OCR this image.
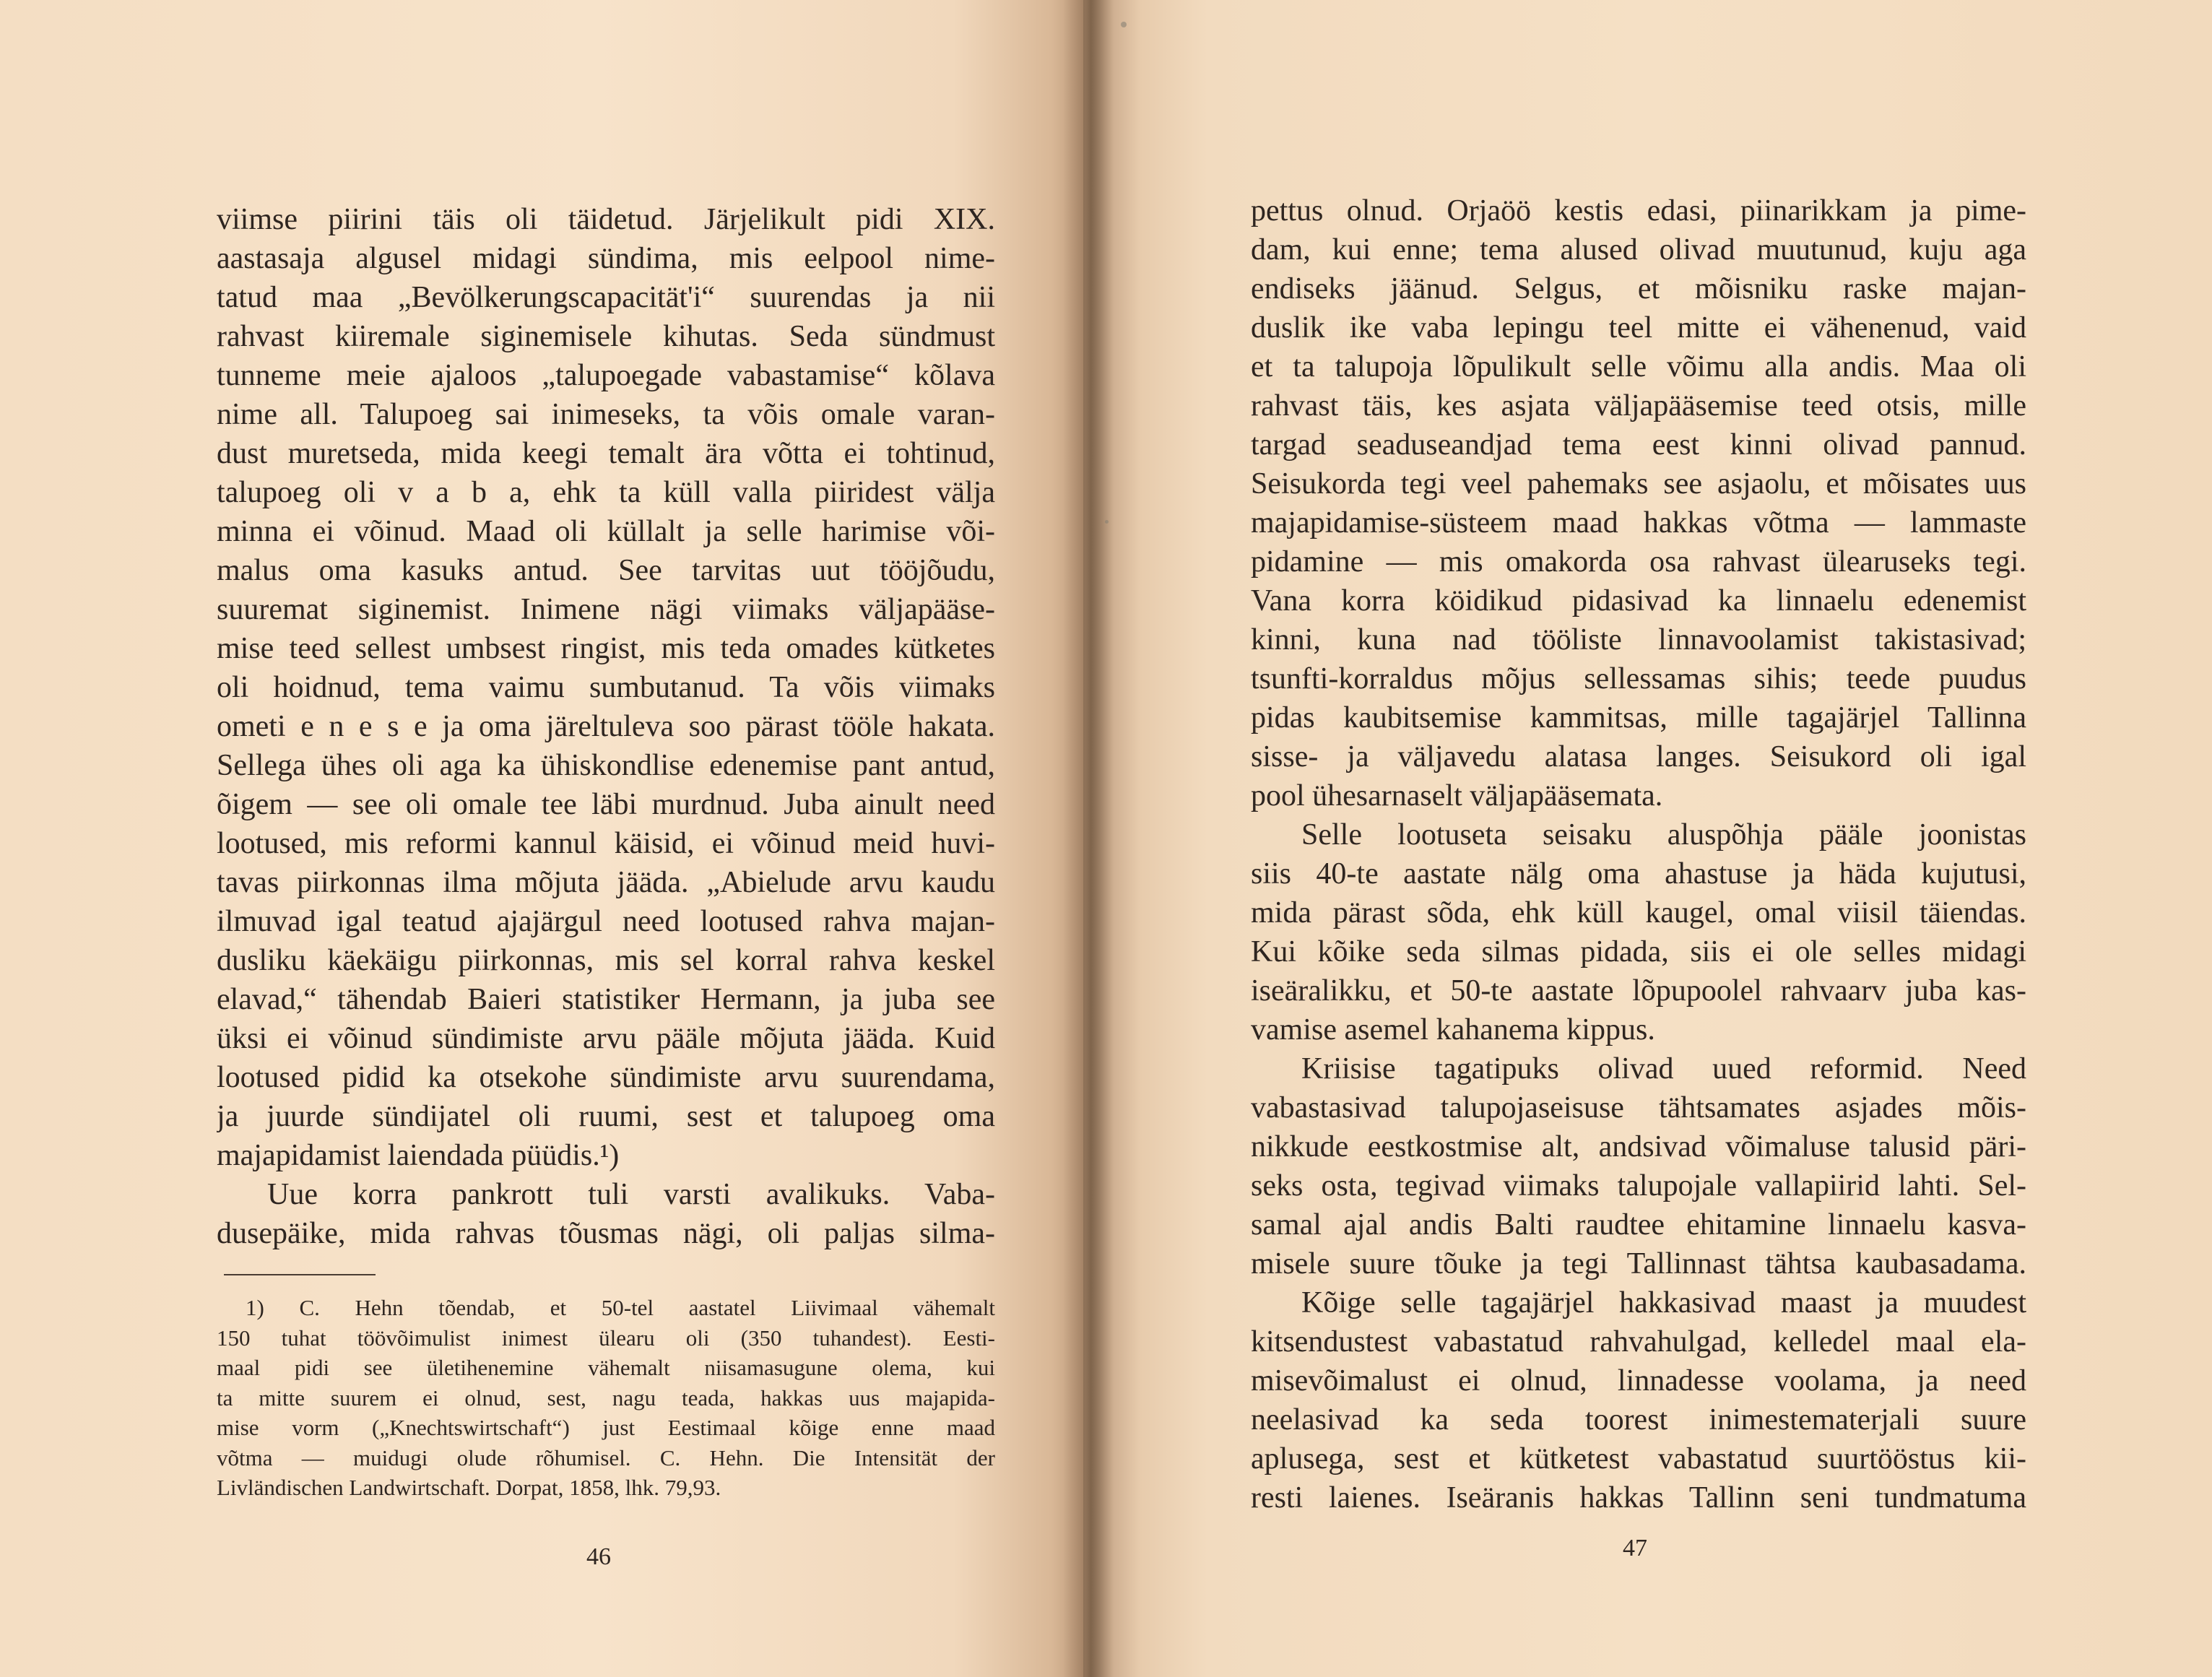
viimse piirini täis oli täidetud. Järjelikult pidi XIX.
aastasaja algusel midagi sündima, mis eelpool nime-
tatud maa „Bevölkerungscapacität'i“ suurendas ja nii
rahvast kiiremale siginemisele kihutas. Seda sündmust
tunneme meie ajaloos „talupoegade vabastamise“ kõlava
nime all. Talupoeg sai inimeseks, ta võis omale varan-
dust muretseda, mida keegi temalt ära võtta ei tohtinud,
talupoeg oli v a b a, ehk ta küll valla piiridest välja
minna ei võinud. Maad oli küllalt ja selle harimise või-
malus oma kasuks antud. See tarvitas uut tööjõudu,
suuremat siginemist. Inimene nägi viimaks väljapääse-
mise teed sellest umbsest ringist, mis teda omades kütketes
oli hoidnud, tema vaimu sumbutanud. Ta võis viimaks
ometi e n e s e ja oma järeltuleva soo pärast tööle hakata.
Sellega ühes oli aga ka ühiskondlise edenemise pant antud,
õigem — see oli omale tee läbi murdnud. Juba ainult need
lootused, mis reformi kannul käisid, ei võinud meid huvi-
tavas piirkonnas ilma mõjuta jääda. „Abielude arvu kaudu
ilmuvad igal teatud ajajärgul need lootused rahva majan-
dusliku käekäigu piirkonnas, mis sel korral rahva keskel
elavad,“ tähendab Baieri statistiker Hermann, ja juba see
üksi ei võinud sündimiste arvu pääle mõjuta jääda. Kuid
lootused pidid ka otsekohe sündimiste arvu suurendama,
ja juurde sündijatel oli ruumi, sest et talupoeg oma
majapidamist laiendada püüdis.¹)
Uue korra pankrott tuli varsti avalikuks. Vaba-
dusepäike, mida rahvas tõusmas nägi, oli paljas silma-
1) C. Hehn tõendab, et 50-tel aastatel Liivimaal vähemalt
150 tuhat töövõimulist inimest ülearu oli (350 tuhandest). Eesti-
maal pidi see ületihenemine vähemalt niisamasugune olema, kui
ta mitte suurem ei olnud, sest, nagu teada, hakkas uus majapida-
mise vorm („Knechtswirtschaft“) just Eestimaal kõige enne maad
võtma — muidugi olude rõhumisel. C. Hehn. Die Intensität der
Livländischen Landwirtschaft. Dorpat, 1858, lhk. 79,93.
46
pettus olnud. Orjaöö kestis edasi, piinarikkam ja pime-
dam, kui enne; tema alused olivad muutunud, kuju aga
endiseks jäänud. Selgus, et mõisniku raske majan-
duslik ike vaba lepingu teel mitte ei vähenenud, vaid
et ta talupoja lõpulikult selle võimu alla andis. Maa oli
rahvast täis, kes asjata väljapääsemise teed otsis, mille
targad seaduseandjad tema eest kinni olivad pannud.
Seisukorda tegi veel pahemaks see asjaolu, et mõisates uus
majapidamise-süsteem maad hakkas võtma — lammaste
pidamine — mis omakorda osa rahvast ülearuseks tegi.
Vana korra köidikud pidasivad ka linnaelu edenemist
kinni, kuna nad tööliste linnavoolamist takistasivad;
tsunfti-korraldus mõjus sellessamas sihis; teede puudus
pidas kaubitsemise kammitsas, mille tagajärjel Tallinna
sisse- ja väljavedu alatasa langes. Seisukord oli igal
pool ühesarnaselt väljapääsemata.
Selle lootuseta seisaku aluspõhja pääle joonistas
siis 40-te aastate nälg oma ahastuse ja häda kujutusi,
mida pärast sõda, ehk küll kaugel, omal viisil täiendas.
Kui kõike seda silmas pidada, siis ei ole selles midagi
iseäralikku, et 50-te aastate lõpupoolel rahvaarv juba kas-
vamise asemel kahanema kippus.
Kriisise tagatipuks olivad uued reformid. Need
vabastasivad talupojaseisuse tähtsamates asjades mõis-
nikkude eestkostmise alt, andsivad võimaluse talusid päri-
seks osta, tegivad viimaks talupojale vallapiirid lahti. Sel-
samal ajal andis Balti raudtee ehitamine linnaelu kasva-
misele suure tõuke ja tegi Tallinnast tähtsa kaubasadama.
Kõige selle tagajärjel hakkasivad maast ja muudest
kitsendustest vabastatud rahvahulgad, kelledel maal ela-
misevõimalust ei olnud, linnadesse voolama, ja need
neelasivad ka seda toorest inimestematerjali suure
aplusega, sest et kütketest vabastatud suurtööstus kii-
resti laienes. Iseäranis hakkas Tallinn seni tundmatuma
47
